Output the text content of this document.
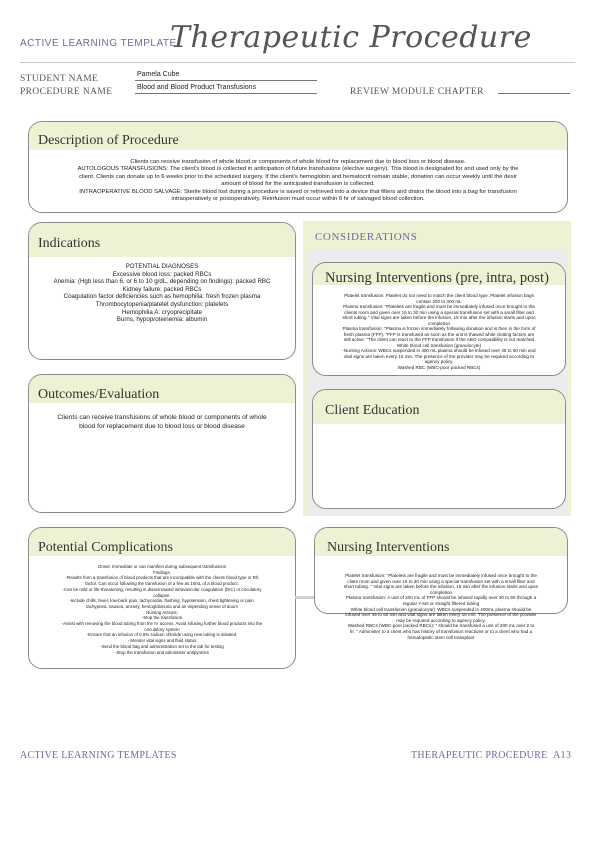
ACTIVE LEARNING TEMPLATE:
Therapeutic Procedure
STUDENT NAME	Pamela Cube
PROCEDURE NAME	Blood and Blood Product Transfusions	REVIEW MODULE CHAPTER
Description of Procedure
Clients can receive transfusion of whole blood or components of whole blood for replacement due to blood loss or blood disease.
AUTOLOGOUS TRANSFUSIONS: The client's blood is collected in anticipation of future transfusions (elective surgery). This blood is designated for and used only by the
client. Clients can donate up to 6 weeks prior to the scheduled surgery. If the client's hemoglobin and hematocrit remain stable, donation can occur weekly until the desir
amount of blood for the anticipated transfusion is collected.
INTRAOPERATIVE BLOOD SALVAGE: Sterile blood lost during a procedure is saved or retrieved into a device that filters and drains the blood into a bag for transfusion
intraoperatively or postoperatively. Reinfusion must occur within 6 hr of salvaged blood collection.
Indications
POTENTIAL DIAGNOSES
Excessive blood loss: packed RBCs
Anemia: (Hgb less than 6, or 6 to 10 g/dL, depending on findings): packed RBC
Kidney failure: packed RBCs
Coagulation factor deficiencies such as hemophilia: fresh frozen plasma
Thrombocytopenia/platelet dysfunction: platelets
Hemophilia A: cryoprecipitate
Burns, hypoproteinemia: albumin
CONSIDERATIONS
Nursing Interventions (pre, intra, post)
Platelet transfusion: Platelet do not need to match the client blood type. Platelet infusion bags
contain 200 to 300 mL
Plasma transfusion: "Platelets are fragile and must be immediately infused once brought to the
clients room and given over 15 to 30 min using a special transfusion set with a small filter and
short tubing." Vital signs are taken before the infusion, 15 min after the infusion starts and upon
completion
Plasma transfusion: "Plasma is frozen immediately following donation and is then in the form of
fresh plasma (FFP). "FFP is transfused as soon as the unit is thawed while clotting factors are
still active. "The client can react to the FFP transfusion if the ABO compatibility is not matched
White blood cell transfusion (granulocyte)
-Nursing Actions: WBCs suspended in 400 mL plasma should be infused over 45 to 60 min and
vital signs are taken every 15 min. The presence of the provider may be required according to
agency policy.
Washed RBC (WBC-poor packed RBCs)
Outcomes/Evaluation
Clients can receive transfusions of whole blood or components of whole
blood for replacement due to blood loss or blood disease
Client Education
Potential Complications
Onset: Immediate or can manifest during subsequent transfusions
Findings:
-Results from a transfusion of blood products that are incompatible with the clients blood type or Rh
factor. Can occur following the transfusion of a few as 10mL of a blood product.
-Can be mild or life-threatening, resulting in disseminated intravascular coagulation (DIC) or circulatory
collapse.
-Include chills, fever, low-back pain, tachycardia, flushing, hypotension, chest tightening or pain,
tachypnea, nausea, anxiety, hemoglobinuria and an impending sense of doom
Nursing Actions:
-Stop the transfusion
-Assist with removing the blood tubing from the IV access. Avoid infusing further blood products into the
circulatory system
-Ensure that an infusion of 0.9% sodium chloride using new tubing is initiated.
- Monitor vital signs and fluid status
-Send the blood bag and administration set to the lab for testing
-Stop the transfusion and administer antipyretics
Nursing Interventions
Platelet transfusion: "Platelets are fragile and must be immediately infused once brought to the
cliets room and given over 15 to 30 min using a special transfusion set with a small filter and
short tubing. " Vital signs are taken before the infusion, 15 min after the infusion starts and upon
completion
Plasma transfusion: A unit of 200 mL of FFP should be infused rapidly over 30 to 60 through a
regular Y-set or straight filtered tubing
White blood cell transfusion (granulocyte): WBCs suspended in 400mL plasma should be
infused over 45 to 60 min and vital signs are taken every 15 min. The presence of the provider
may be required according to agency policy.
Washed RBCs (WBC-poor packed RBCs): " should be transfused a unit of 200 mL over 2 to
hr. " Administer to a client who has history of transfusion reactions or to a client who had a
hematopietic stem cell transplant
ACTIVE LEARNING TEMPLATES	THERAPEUTIC PROCEDURE A13
